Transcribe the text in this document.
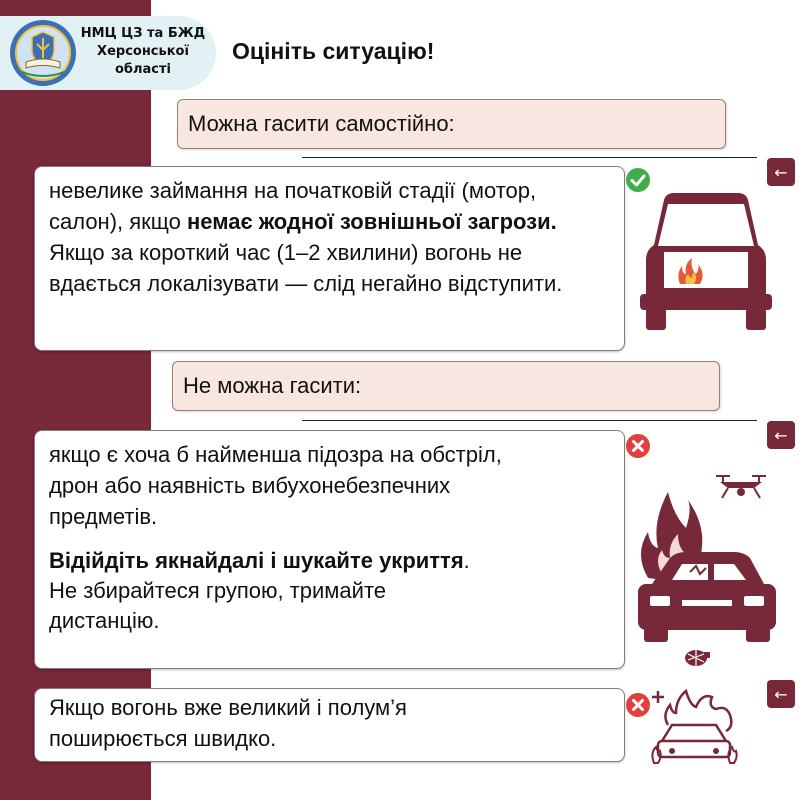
НМЦ ЦЗ та БЖД
Херсонської
області
Оцініть ситуацію!
Можна гасити самостійно:
←

невелике займання на початковій стадії (мотор, салон), якщо немає жодної зовнішньої загрози. Якщо за короткий час (1–2 хвилини) вогонь не вдається локалізувати — слід негайно відступити.

Не можна гасити:
←

якщо є хоча б найменша підозра на обстріл, дрон або наявність вибухонебезпечних предметів.

Відійдіть якнайдалі і шукайте укриття.
Не збирайтеся групою, тримайте дистанцію.

←

Якщо вогонь вже великий і полум’я поширюється швидко.
